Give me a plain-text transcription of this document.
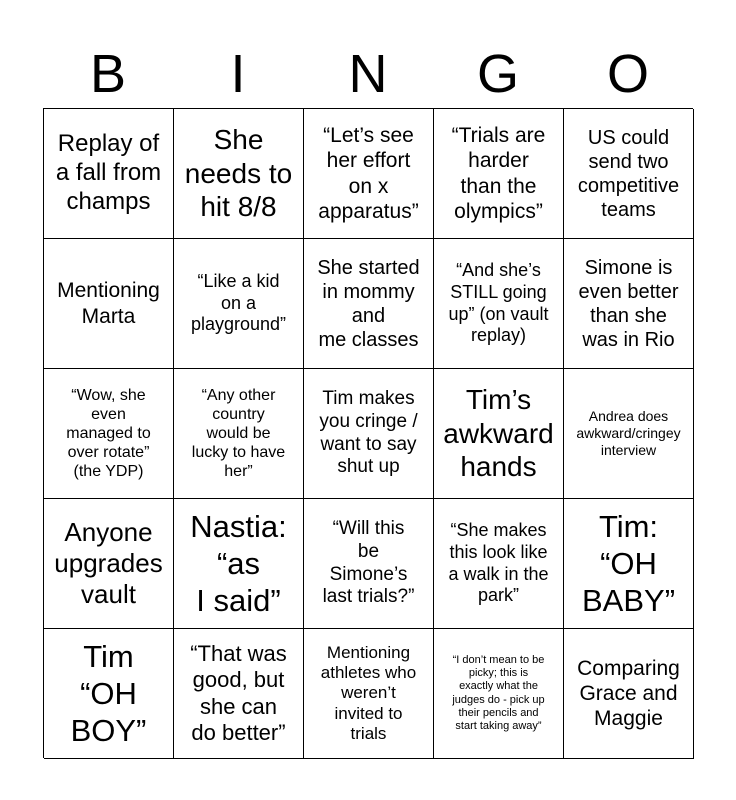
B	I	N	G	O
Replay of
a fall from
champs
She
needs to
hit 8/8
“Let’s see
her effort
on x
apparatus”
“Trials are
harder
than the
olympics”
US could
send two
competitive
teams
Mentioning
Marta
“Like a kid
on a
playground”
She started
in mommy
and
me classes
“And she’s
STILL going
up” (on vault
replay)
Simone is
even better
than she
was in Rio
“Wow, she
even
managed to
over rotate”
(the YDP)
“Any other
country
would be
lucky to have
her”
Tim makes
you cringe /
want to say
shut up
Tim’s
awkward
hands
Andrea does
awkward/cringey
interview
Anyone
upgrades
vault
Nastia:
“as
I said”
“Will this
be
Simone’s
last trials?”
“She makes
this look like
a walk in the
park”
Tim:
“OH
BABY”
Tim
“OH
BOY”
“That was
good, but
she can
do better”
Mentioning
athletes who
weren’t
invited to
trials
“I don’t mean to be
picky; this is
exactly what the
judges do - pick up
their pencils and
start taking away”
Comparing
Grace and
Maggie
